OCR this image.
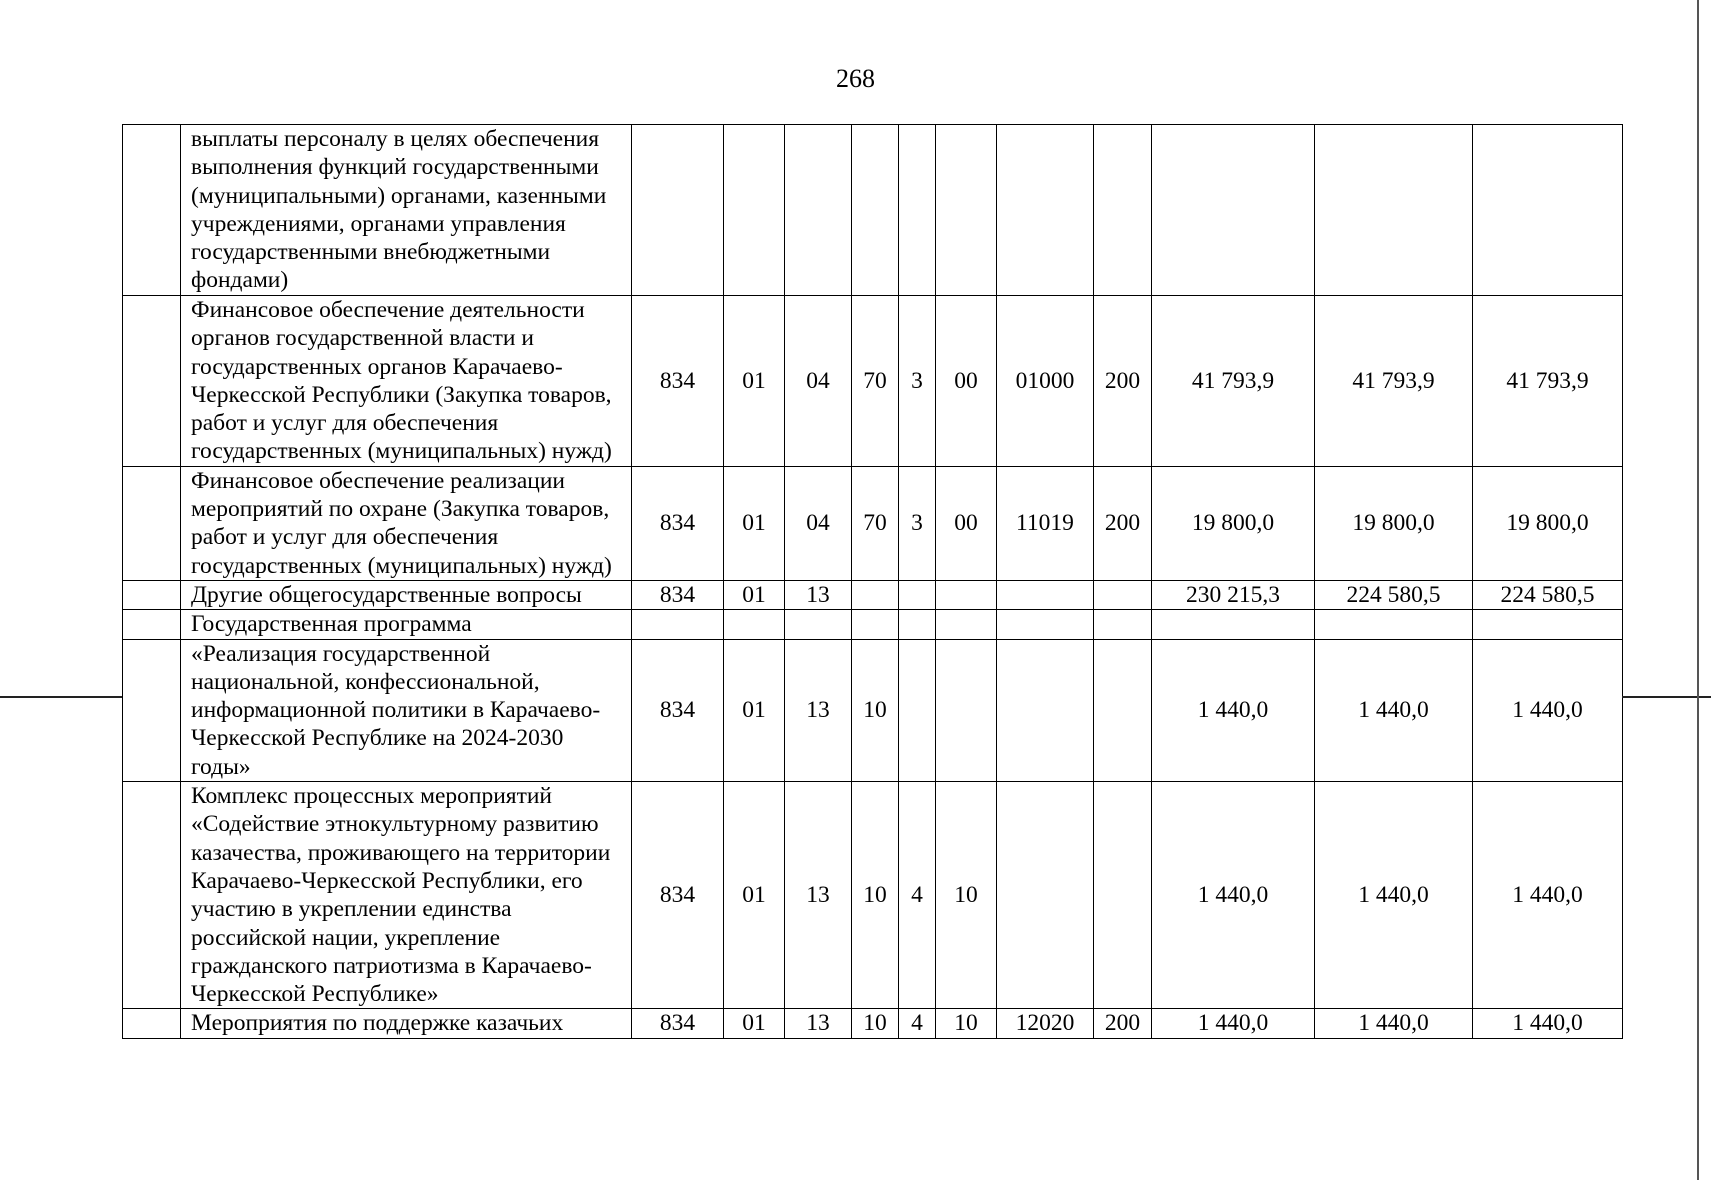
268
	выплаты персоналу в целях обеспечения выполнения функций государственными (муниципальными) органами, казенными учреждениями, органами управления государственными внебюджетными фондами)											
	Финансовое обеспечение деятельности органов государственной власти и государственных органов Карачаево-Черкесской Республики (Закупка товаров, работ и услуг для обеспечения государственных (муниципальных) нужд)	834	01	04	70	3	00	01000	200	41 793,9	41 793,9	41 793,9
	Финансовое обеспечение реализации мероприятий по охране (Закупка товаров, работ и услуг для обеспечения государственных (муниципальных) нужд)	834	01	04	70	3	00	11019	200	19 800,0	19 800,0	19 800,0
	Другие общегосударственные вопросы	834	01	13						230 215,3	224 580,5	224 580,5
	Государственная программа											
	«Реализация государственной национальной, конфессиональной, информационной политики в Карачаево-Черкесской Республике на 2024-2030 годы»	834	01	13	10					1 440,0	1 440,0	1 440,0
	Комплекс процессных мероприятий «Содействие этнокультурному развитию казачества, проживающего на территории Карачаево-Черкесской Республики, его участию в укреплении единства российской нации, укрепление гражданского патриотизма в Карачаево-Черкесской Республике»	834	01	13	10	4	10			1 440,0	1 440,0	1 440,0
	Мероприятия по поддержке казачьих	834	01	13	10	4	10	12020	200	1 440,0	1 440,0	1 440,0
